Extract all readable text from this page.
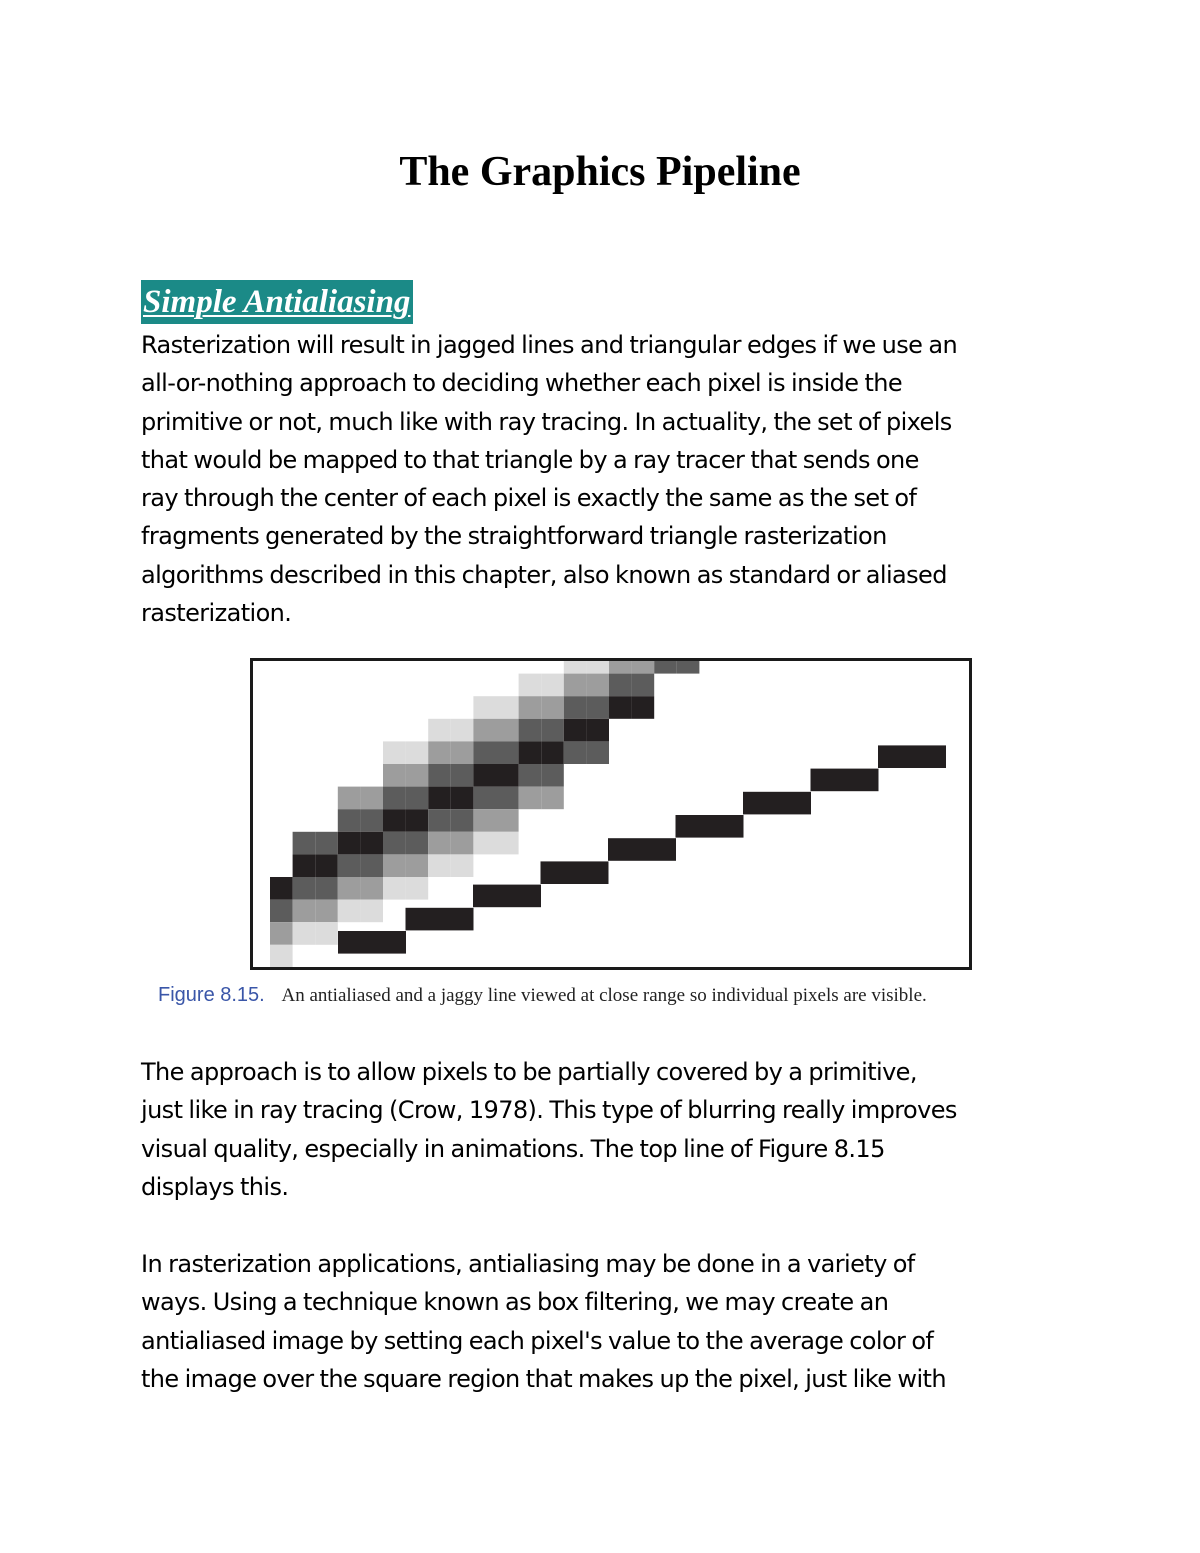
The Graphics Pipeline
Simple Antialiasing
Rasterization will result in jagged lines and triangular edges if we use an
all-or-nothing approach to deciding whether each pixel is inside the
primitive or not, much like with ray tracing. In actuality, the set of pixels
that would be mapped to that triangle by a ray tracer that sends one
ray through the center of each pixel is exactly the same as the set of
fragments generated by the straightforward triangle rasterization
algorithms described in this chapter, also known as standard or aliased
rasterization.
Figure 8.15. An antialiased and a jaggy line viewed at close range so individual pixels are visible.
The approach is to allow pixels to be partially covered by a primitive,
just like in ray tracing (Crow, 1978). This type of blurring really improves
visual quality, especially in animations. The top line of Figure 8.15
displays this.
In rasterization applications, antialiasing may be done in a variety of
ways. Using a technique known as box filtering, we may create an
antialiased image by setting each pixel's value to the average color of
the image over the square region that makes up the pixel, just like with
